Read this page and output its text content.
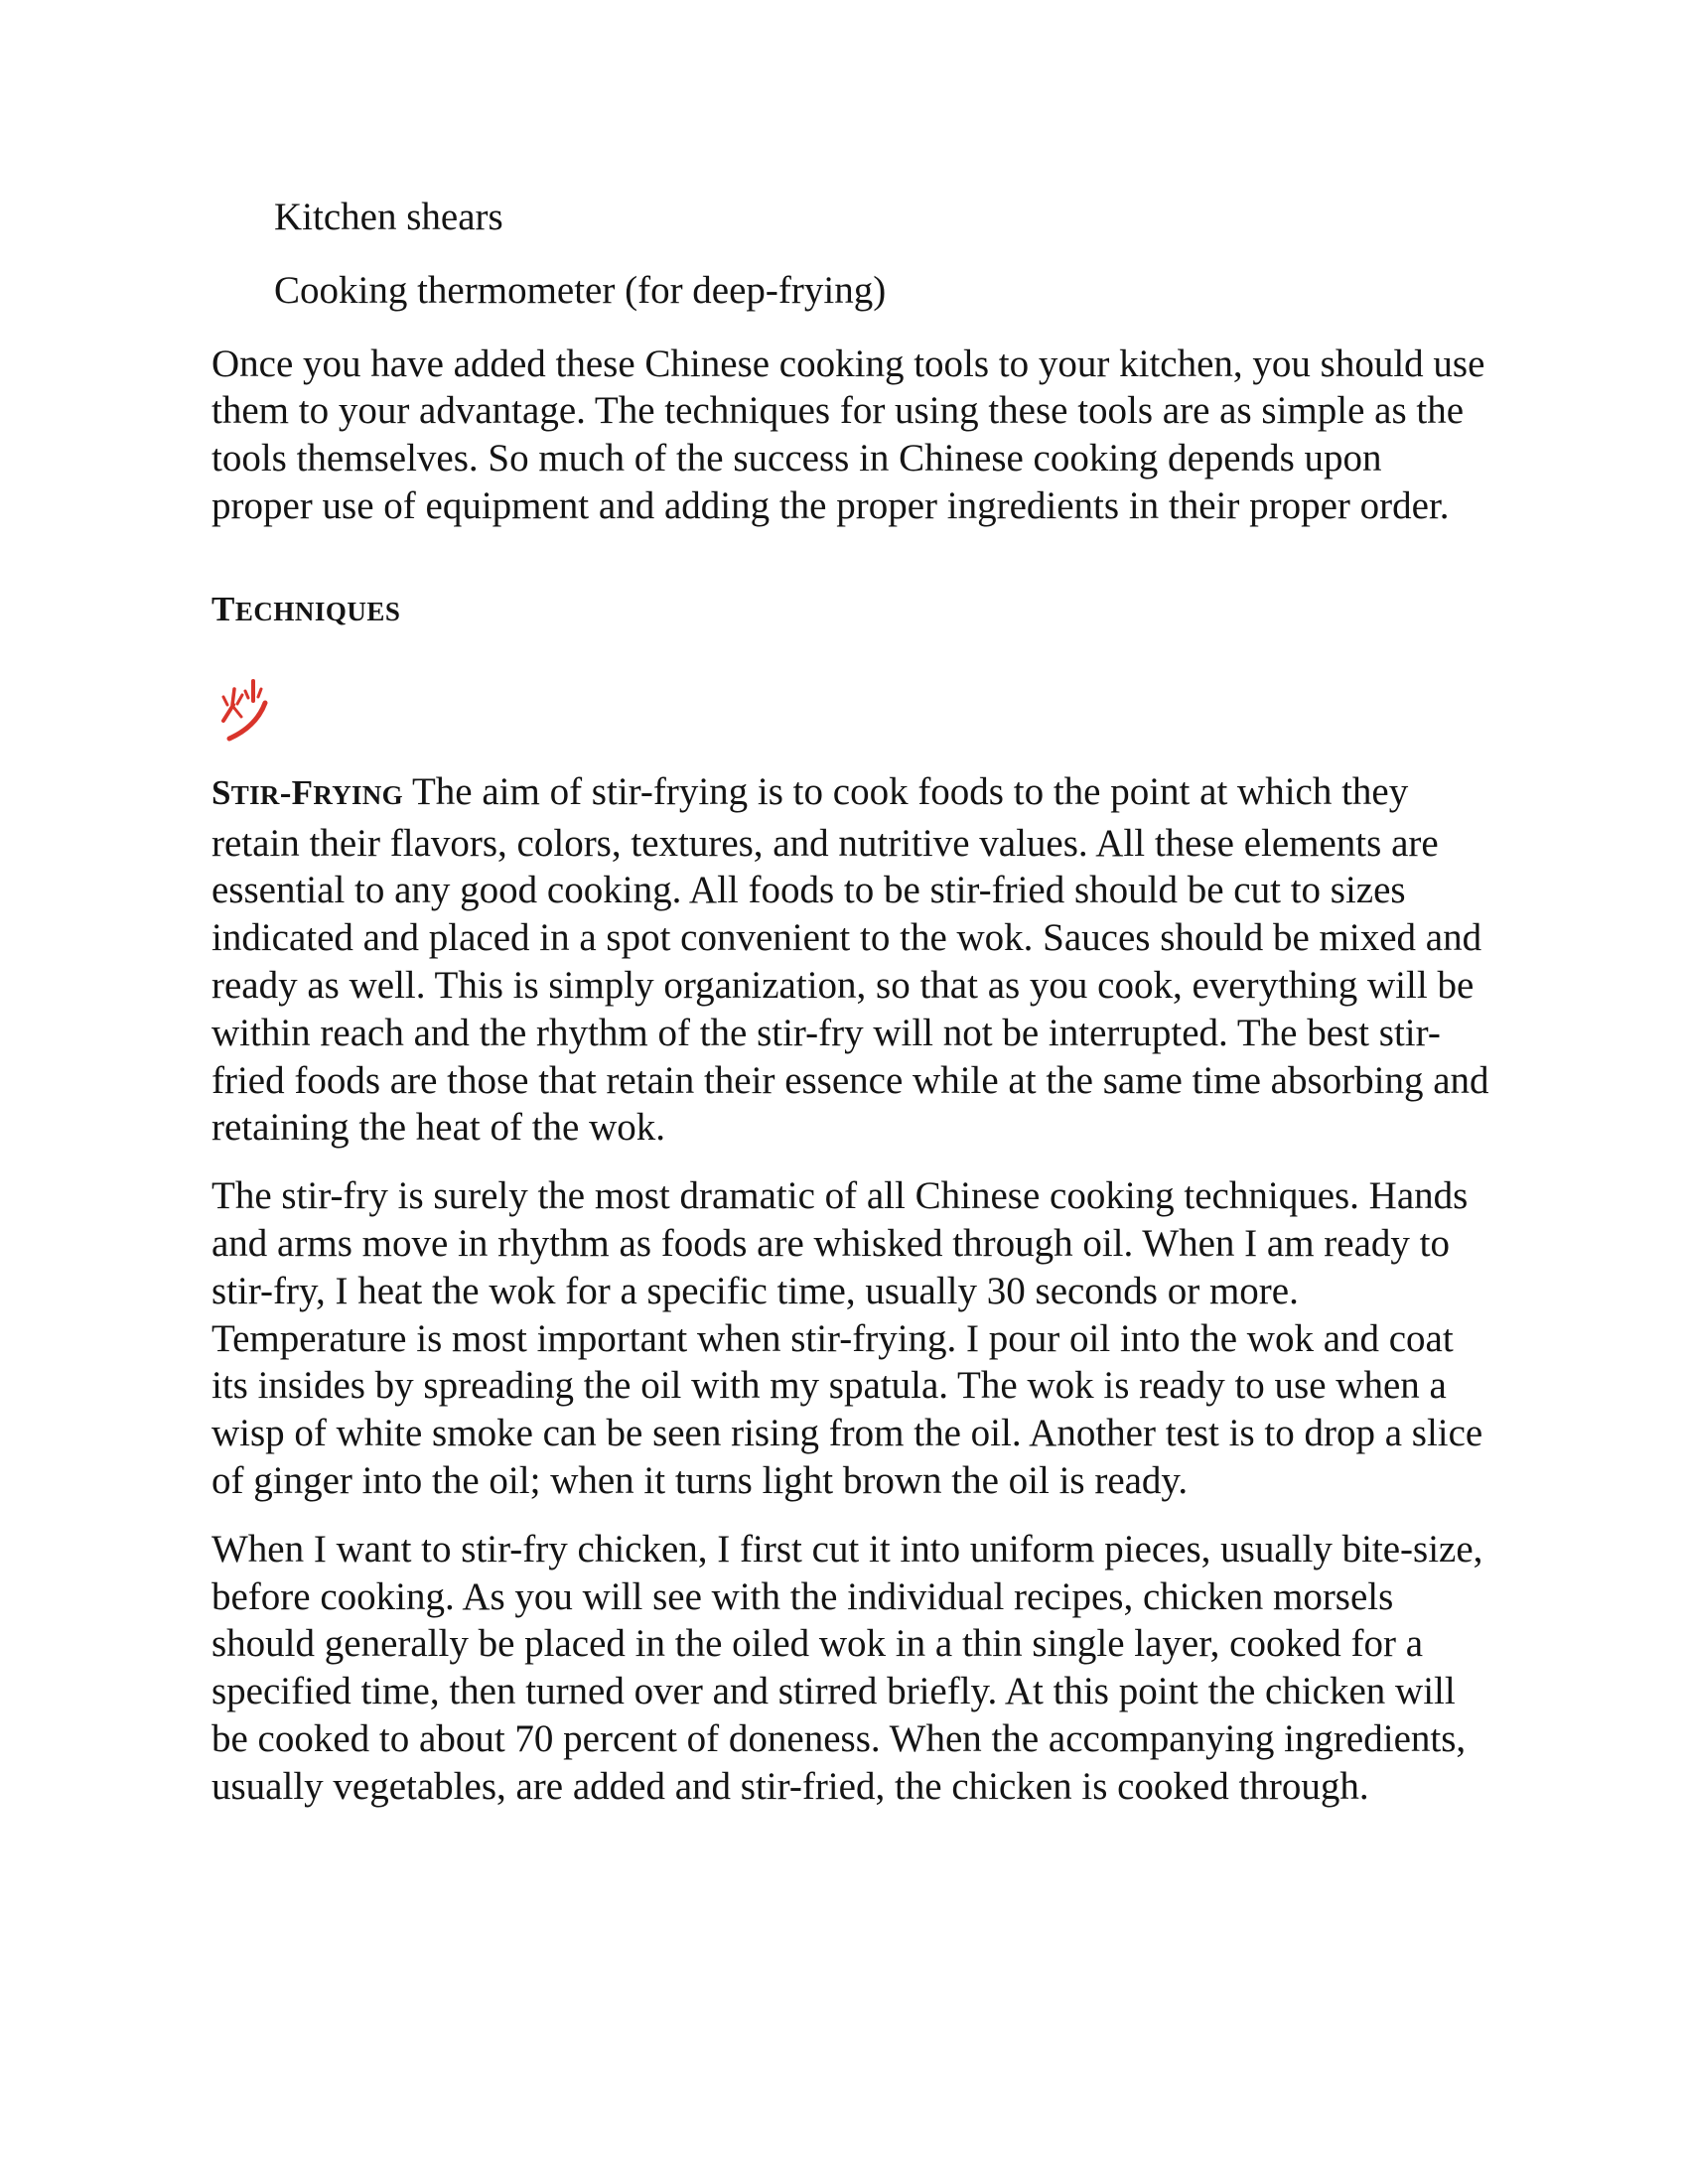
Kitchen shears
Cooking thermometer (for deep-frying)

Once you have added these Chinese cooking tools to your kitchen, you should use them to your advantage. The techniques for using these tools are as simple as the tools themselves. So much of the success in Chinese cooking depends upon proper use of equipment and adding the proper ingredients in their proper order.

TECHNIQUES

STIR-FRYING The aim of stir-frying is to cook foods to the point at which they retain their flavors, colors, textures, and nutritive values. All these elements are essential to any good cooking. All foods to be stir-fried should be cut to sizes indicated and placed in a spot convenient to the wok. Sauces should be mixed and ready as well. This is simply organization, so that as you cook, everything will be within reach and the rhythm of the stir-fry will not be interrupted. The best stir-fried foods are those that retain their essence while at the same time absorbing and retaining the heat of the wok.

The stir-fry is surely the most dramatic of all Chinese cooking techniques. Hands and arms move in rhythm as foods are whisked through oil. When I am ready to stir-fry, I heat the wok for a specific time, usually 30 seconds or more. Temperature is most important when stir-frying. I pour oil into the wok and coat its insides by spreading the oil with my spatula. The wok is ready to use when a wisp of white smoke can be seen rising from the oil. Another test is to drop a slice of ginger into the oil; when it turns light brown the oil is ready.

When I want to stir-fry chicken, I first cut it into uniform pieces, usually bite-size, before cooking. As you will see with the individual recipes, chicken morsels should generally be placed in the oiled wok in a thin single layer, cooked for a specified time, then turned over and stirred briefly. At this point the chicken will be cooked to about 70 percent of doneness. When the accompanying ingredients, usually vegetables, are added and stir-fried, the chicken is cooked through.
